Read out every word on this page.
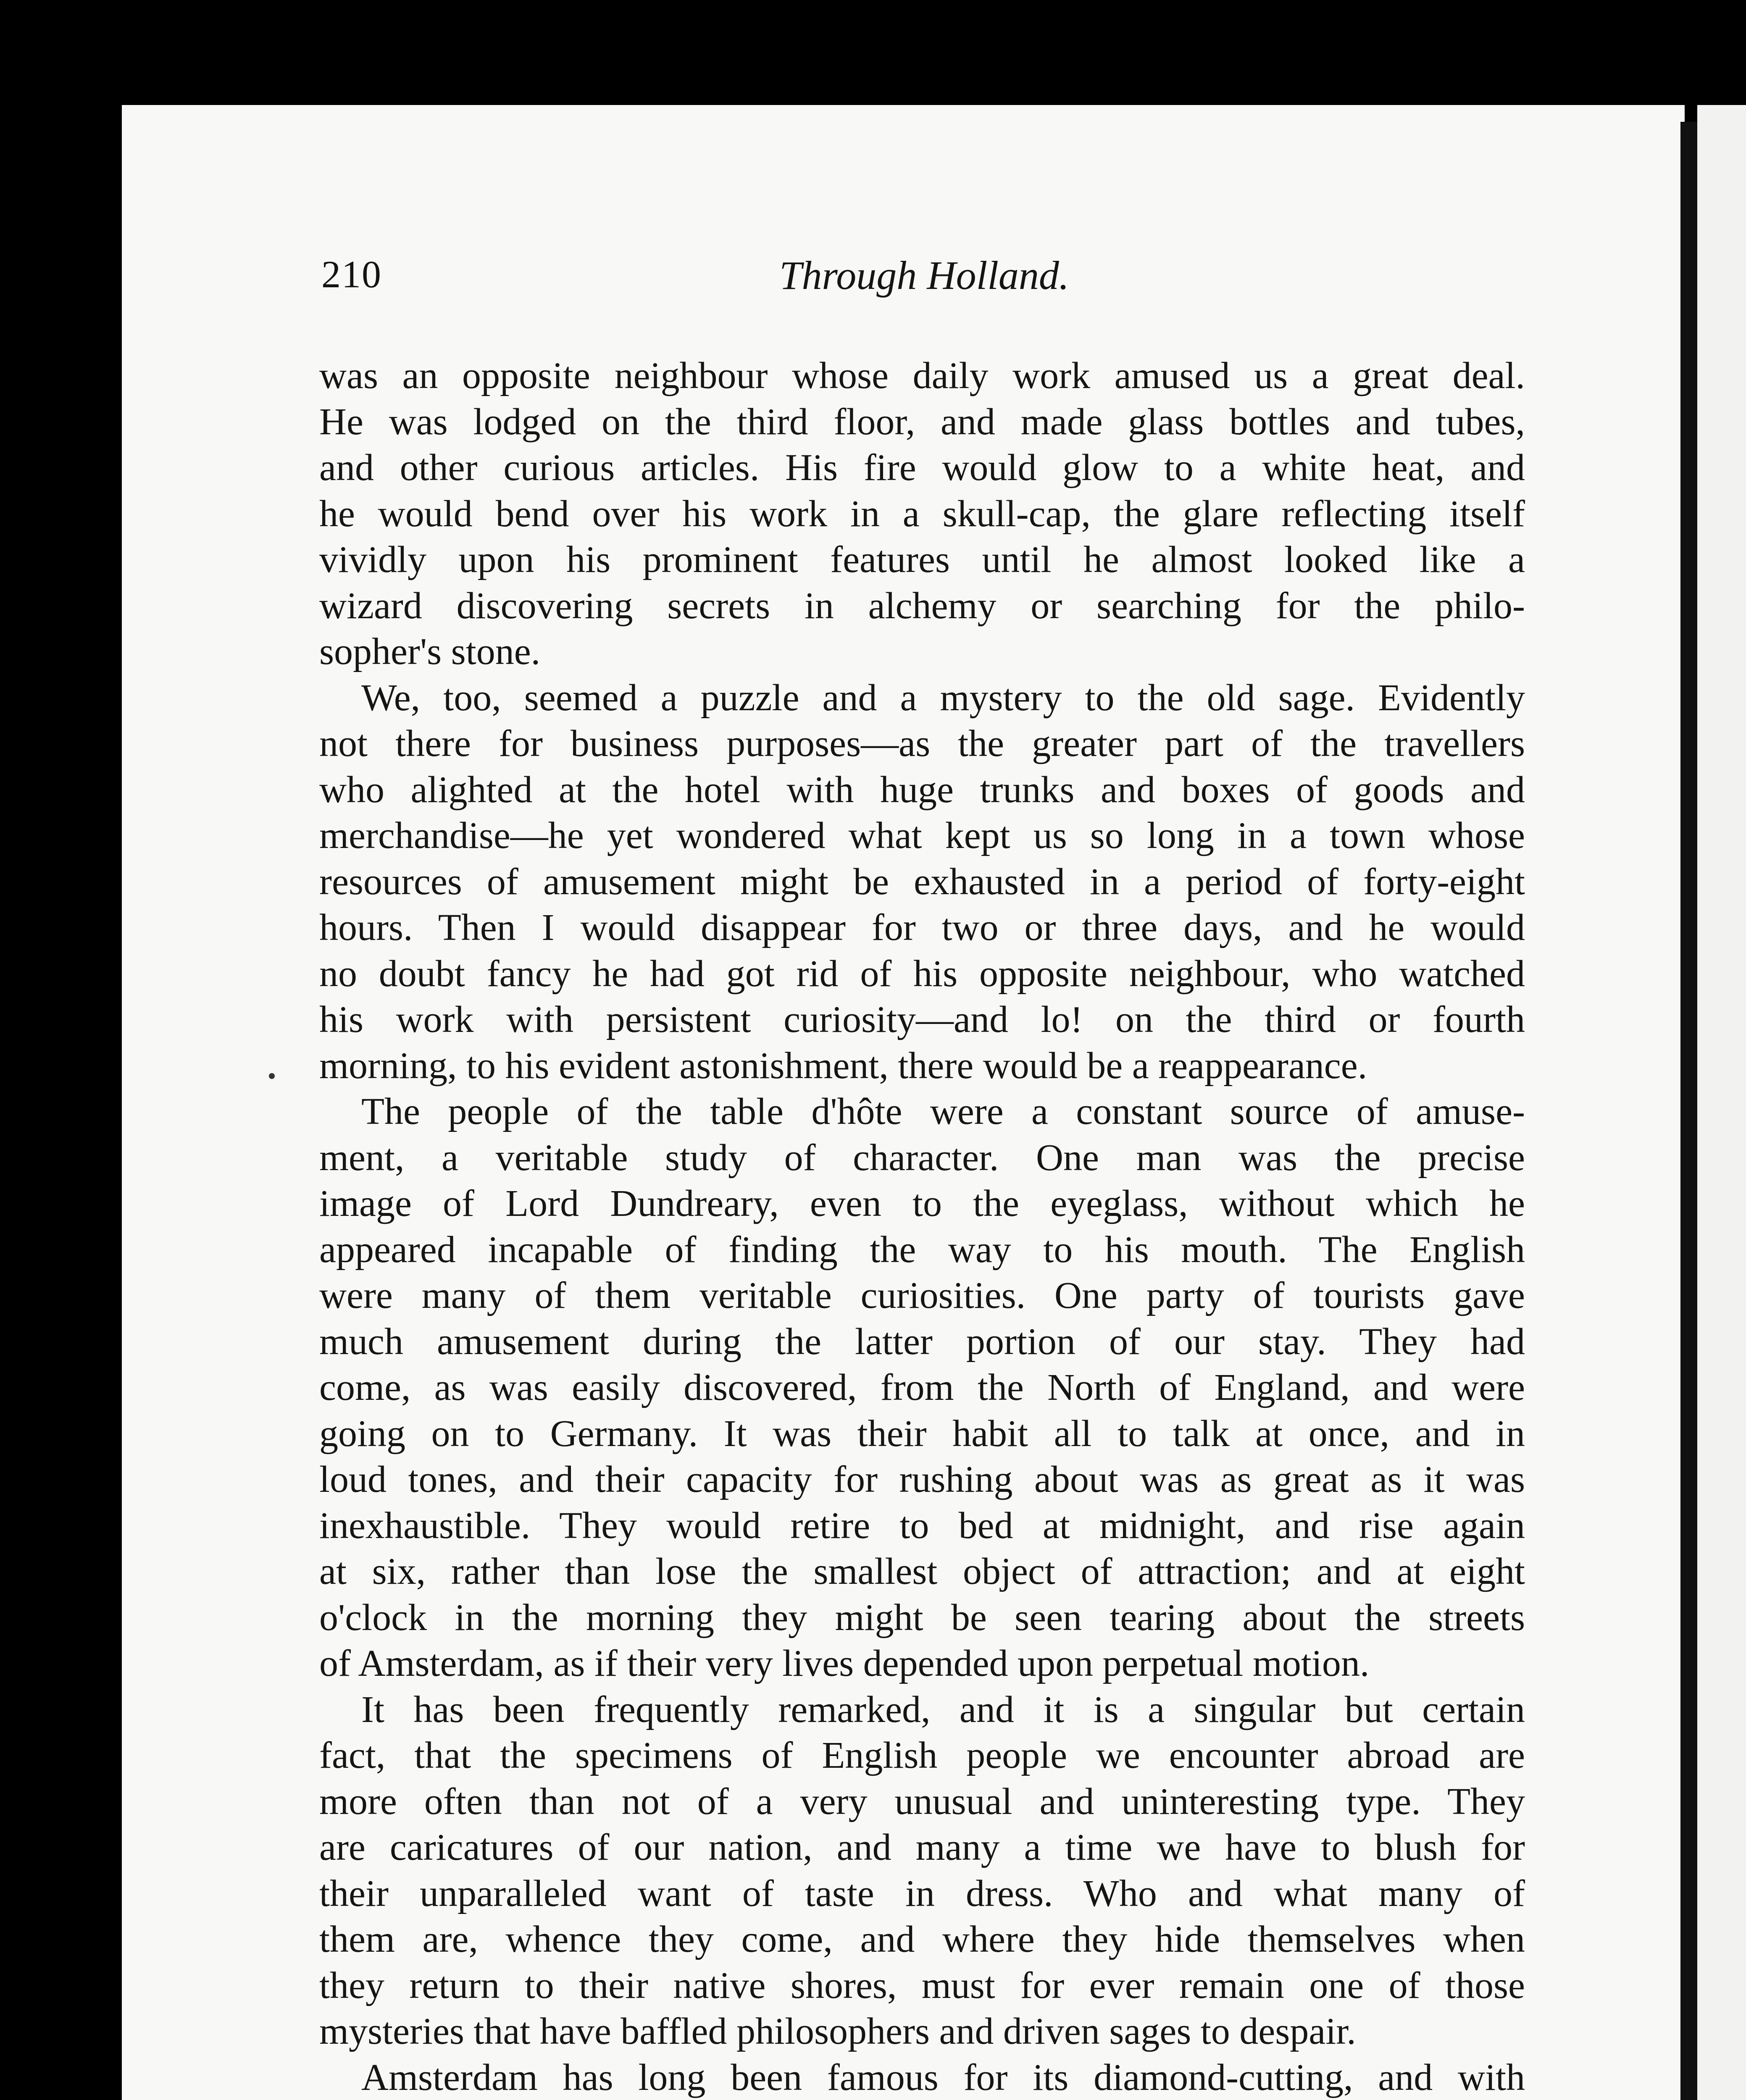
210	Through Holland.
was an opposite neighbour whose daily work amused us a great deal.
He was lodged on the third floor, and made glass bottles and tubes,
and other curious articles. His fire would glow to a white heat, and
he would bend over his work in a skull-cap, the glare reflecting itself
vividly upon his prominent features until he almost looked like a
wizard discovering secrets in alchemy or searching for the philo-
sopher's stone.
We, too, seemed a puzzle and a mystery to the old sage. Evidently
not there for business purposes—as the greater part of the travellers
who alighted at the hotel with huge trunks and boxes of goods and
merchandise—he yet wondered what kept us so long in a town whose
resources of amusement might be exhausted in a period of forty-eight
hours. Then I would disappear for two or three days, and he would
no doubt fancy he had got rid of his opposite neighbour, who watched
his work with persistent curiosity—and lo! on the third or fourth
morning, to his evident astonishment, there would be a reappearance.
The people of the table d'hôte were a constant source of amuse-
ment, a veritable study of character. One man was the precise
image of Lord Dundreary, even to the eyeglass, without which he
appeared incapable of finding the way to his mouth. The English
were many of them veritable curiosities. One party of tourists gave
much amusement during the latter portion of our stay. They had
come, as was easily discovered, from the North of England, and were
going on to Germany. It was their habit all to talk at once, and in
loud tones, and their capacity for rushing about was as great as it was
inexhaustible. They would retire to bed at midnight, and rise again
at six, rather than lose the smallest object of attraction; and at eight
o'clock in the morning they might be seen tearing about the streets
of Amsterdam, as if their very lives depended upon perpetual motion.
It has been frequently remarked, and it is a singular but certain
fact, that the specimens of English people we encounter abroad are
more often than not of a very unusual and uninteresting type. They
are caricatures of our nation, and many a time we have to blush for
their unparalleled want of taste in dress. Who and what many of
them are, whence they come, and where they hide themselves when
they return to their native shores, must for ever remain one of those
mysteries that have baffled philosophers and driven sages to despair.
Amsterdam has long been famous for its diamond-cutting, and with
